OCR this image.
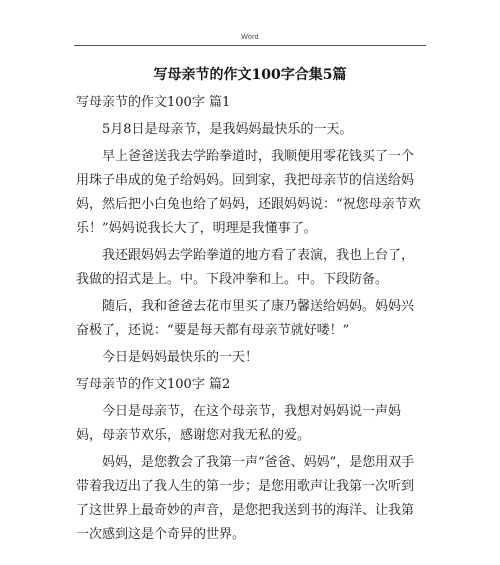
Word
写母亲节的作文100字合集5篇

写母亲节的作文100字 篇1

5月8日是母亲节，是我妈妈最快乐的一天。

早上爸爸送我去学跆拳道时，我顺便用零花钱买了一个用珠子串成的兔子给妈妈。回到家，我把母亲节的信送给妈妈，然后把小白兔也给了妈妈，还跟妈妈说：“祝您母亲节欢乐！”妈妈说我长大了，明理是我懂事了。

我还跟妈妈去学跆拳道的地方看了表演，我也上台了，我做的招式是上。中。下段冲拳和上。中。下段防备。

随后，我和爸爸去花市里买了康乃馨送给妈妈。妈妈兴奋极了，还说：“要是每天都有母亲节就好喽！”

今日是妈妈最快乐的一天！

写母亲节的作文100字 篇2

今日是母亲节，在这个母亲节，我想对妈妈说一声妈妈，母亲节欢乐，感谢您对我无私的爱。

妈妈，是您教会了我第一声“爸爸、妈妈”，是您用双手带着我迈出了我人生的第一步；是您用歌声让我第一次听到了这世界上最奇妙的声音，是您把我送到书的海洋、让我第一次感到这是个奇异的世界。
